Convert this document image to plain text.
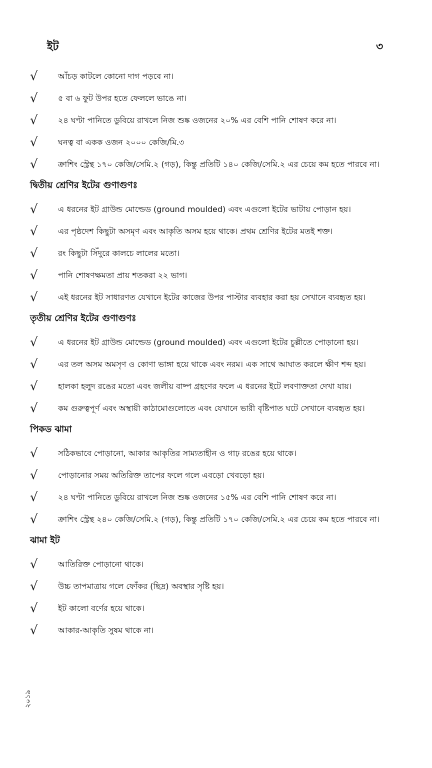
ইট	৩
√	আঁচড় কাটলে কোনো দাগ পড়বে না।
√	৫ বা ৬ ফুট উপর হতে ফেললে ভাঙে না।
√	২৪ ঘণ্টা পানিতে ডুবিয়ে রাখলে নিজ শুষ্ক ওজনের ২০% এর বেশি পানি শোষণ করে না।
√	ঘনত্ব বা একক ওজন ২০০০ কেজি/মি.৩
√	ক্রাশিং স্ট্রেন্থ ১৭০ কেজি/সেমি.২ (গড়), কিন্তু প্রতিটি ১৪০ কেজি/সেমি.২ এর চেয়ে কম হতে পারবে না।
দ্বিতীয় শ্রেণির ইটের গুণাগুণঃ
√	এ ধরনের ইট গ্রাউন্ড মোল্ডেড (ground moulded) এবং এগুলো ইটের ভাটায় পোড়ান হয়।
√	এর পৃষ্ঠদেশ কিছুটা অসমৃণ এবং আকৃতি অসম হয়ে থাকে। প্রথম শ্রেণির ইটের মতই শক্ত।
√	রং কিছুটা সিঁদুরে কালচে লালের মতো।
√	পানি শোষণক্ষমতা প্রায় শতকরা ২২ ভাগ।
√	এই ধরনের ইট সাধারণত যেখানে ইটের কাজের উপর পাস্টার ব্যবহার করা হয় সেখানে ব্যবহৃত হয়।
তৃতীয় শ্রেণির ইটের গুণাগুণঃ
√	এ ধরনের ইট গ্রাউন্ড মোল্ডেড (ground moulded) এবং এগুলো ইটের চুল্লীতে পোড়ানো হয়।
√	এর তল অসম অমসৃণ ও কোণা ভাঙ্গা হয়ে থাকে এবং নরম। এক সাথে আঘাত করলে ক্ষীণ শব্দ হয়।
√	হালকা হলুদ রঙের মতো এবং জলীয় বাষ্প গ্রহণের ফলে এ ধরনের ইটে লবণাক্ততা দেখা যায়।
√	কম গুরুত্বপূর্ণ এবং অস্থায়ী কাঠামোগুলোতে এবং যেখানে ভারী বৃষ্টিপাত ঘটে সেখানে ব্যবহৃত হয়।
পিকড ঝামা
√	সঠিকভাবে পোড়ানো, আকার আকৃতির সাম্যতাহীন ও গাঢ় রঙের হয়ে থাকে।
√	পোড়ানোর সময় অতিরিক্ত তাপের ফলে গলে এবড়ো খেবড়ো হয়।
√	২৪ ঘণ্টা পানিতে ডুবিয়ে রাখলে নিজ শুষ্ক ওজনের ১৫% এর বেশি পানি শোষণ করে না।
√	ক্রাশিং স্ট্রেন্থ ২৪০ কেজি/সেমি.২ (গড়), কিন্তু প্রতিটি ১৭০ কেজি/সেমি.২ এর চেয়ে কম হতে পারবে না।
ঝামা ইট
√	আতিরিক্ত পোড়ানো থাকে।
√	উচ্চ তাপমাত্রায় গলে ফোঁকর (ছিদ্র) অবস্থার সৃষ্টি হয়।
√	ইট কালো বর্ণের হয়ে থাকে।
√	আকার-আকৃতি সুষম থাকে না।
২০১৯
